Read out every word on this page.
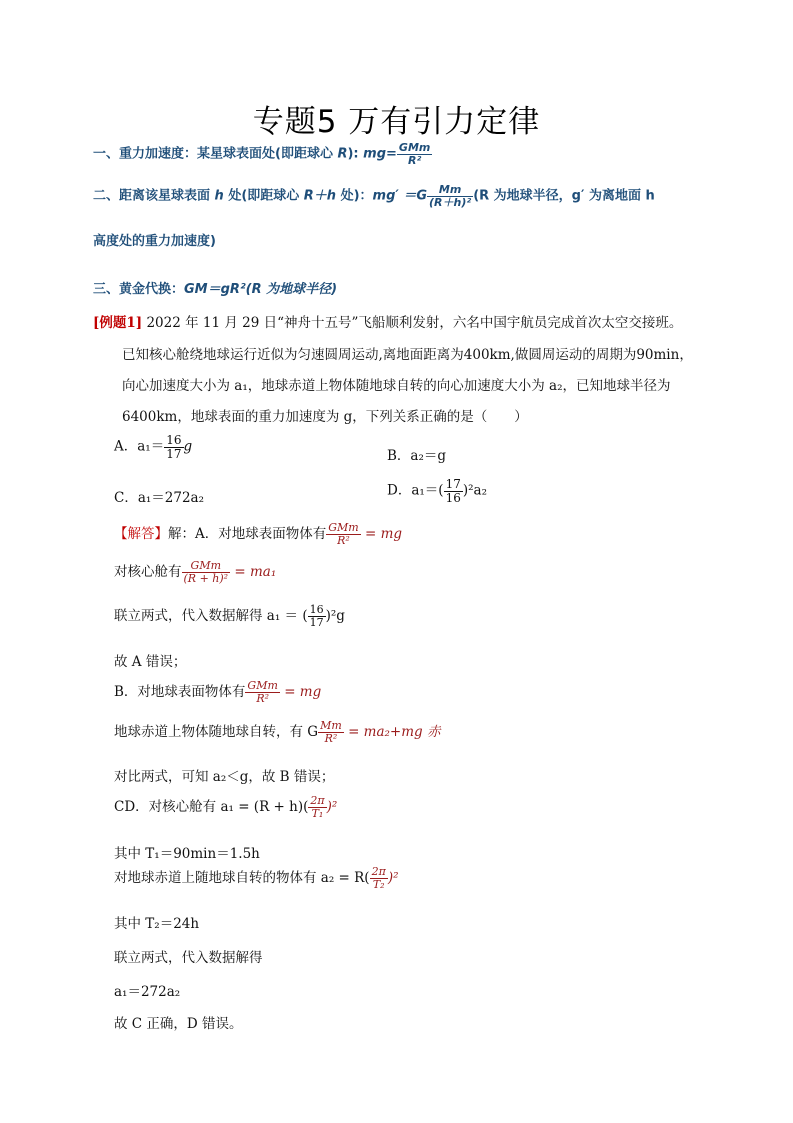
专题5 万有引力定律
一、重力加速度：某星球表面处(即距球心 R): $mg= \frac{\text{GMm}}{\text{R²}}$
二、距离该星球表面 h 处(即距球心 R＋h 处)：$mg' =G \frac{Mm}{\text{(R＋h)²}} (R$ 为地球半径，g′ 为离地面 h
高度处的重力加速度)
三、黄金代换：GM＝gR²(R 为地球半径)
[例题1] 2022 年 11 月 29 日“神舟十五号”飞船顺利发射，六名中国宇航员完成首次太空交接班。
已知核心舱绕地球运行近似为匀速圆周运动,离地面距离为400km,做圆周运动的周期为90min，
向心加速度大小为 a₁，地球赤道上物体随地球自转的向心加速度大小为 a₂，已知地球半径为
6400km，地球表面的重力加速度为 g，下列关系正确的是（　　）
A．$a_1= \frac{16}{17}$ g
B．a₂＝g
C．a₁＝272a₂	D．$a_1=( \frac{17}{16} )^2a_2$
【解答】解：A．对地球表面物体有 $\frac{\text{GMm}}{\text{R²}}$ = mg
对核心舱有 $\frac{\text{GMm}}{\text{(R + h)²}} = ma_1$
联立两式，代入数据解得 a₁ ＝ ( $\frac{16}{17} )^2g$
故 A 错误；
B．对地球表面物体有 $\frac{\text{GMm}}{\text{R²}}$ = mg
地球赤道上物体随地球自转，有 G $\frac{Mm}{\text{R²}} = ma_2+mg$ 赤
对比两式，可知 a₂＜g，故 B 错误；
CD．对核心舱有 $a_1 = (R + h)( \frac{2\pi}{\text{T₁}} )^2$
其中 T₁＝90min＝1.5h
对地球赤道上随地球自转的物体有 $a_2 = R( \frac{2\pi}{\text{T₂}} )^2$
其中 T₂＝24h
联立两式，代入数据解得
a₁＝272a₂
故 C 正确，D 错误。
